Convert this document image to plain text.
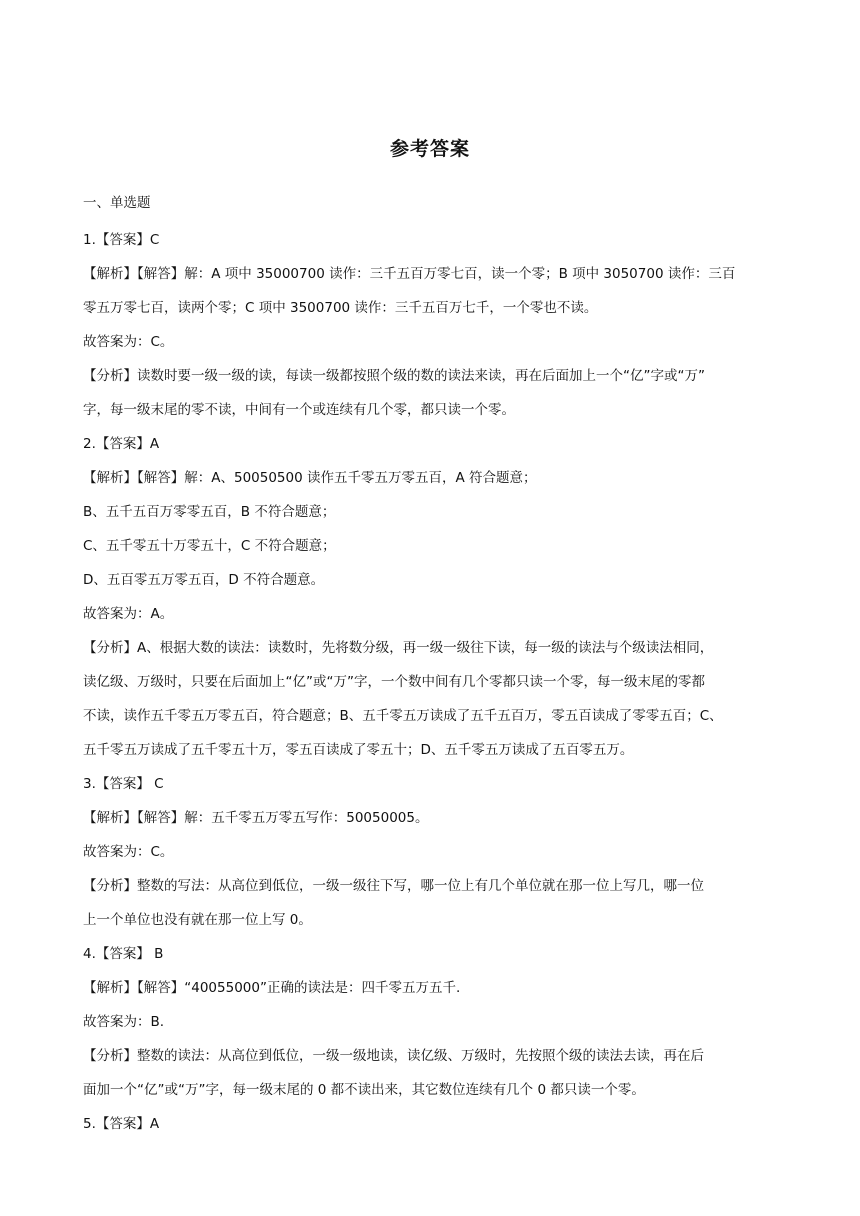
参考答案
一、单选题
1.【答案】C
【解析】【解答】解：A 项中 35000700 读作：三千五百万零七百，读一个零；B 项中 3050700 读作：三百
零五万零七百，读两个零；C 项中 3500700 读作：三千五百万七千，一个零也不读。
故答案为：C。
【分析】读数时要一级一级的读，每读一级都按照个级的数的读法来读，再在后面加上一个“亿”字或“万”
字，每一级末尾的零不读，中间有一个或连续有几个零，都只读一个零。
2.【答案】A
【解析】【解答】解：A、50050500 读作五千零五万零五百，A 符合题意；
B、五千五百万零零五百，B 不符合题意；
C、五千零五十万零五十，C 不符合题意；
D、五百零五万零五百，D 不符合题意。
故答案为：A。
【分析】A、根据大数的读法：读数时，先将数分级，再一级一级往下读，每一级的读法与个级读法相同，
读亿级、万级时，只要在后面加上“亿”或“万”字，一个数中间有几个零都只读一个零，每一级末尾的零都
不读，读作五千零五万零五百，符合题意；B、五千零五万读成了五千五百万，零五百读成了零零五百；C、
五千零五万读成了五千零五十万，零五百读成了零五十；D、五千零五万读成了五百零五万。
3.【答案】 C
【解析】【解答】解：五千零五万零五写作：50050005。
故答案为：C。
【分析】整数的写法：从高位到低位，一级一级往下写，哪一位上有几个单位就在那一位上写几，哪一位
上一个单位也没有就在那一位上写 0。
4.【答案】 B
【解析】【解答】“40055000”正确的读法是：四千零五万五千.
故答案为：B.
【分析】整数的读法：从高位到低位，一级一级地读，读亿级、万级时，先按照个级的读法去读，再在后
面加一个“亿”或“万”字，每一级末尾的 0 都不读出来，其它数位连续有几个 0 都只读一个零。
5.【答案】A
